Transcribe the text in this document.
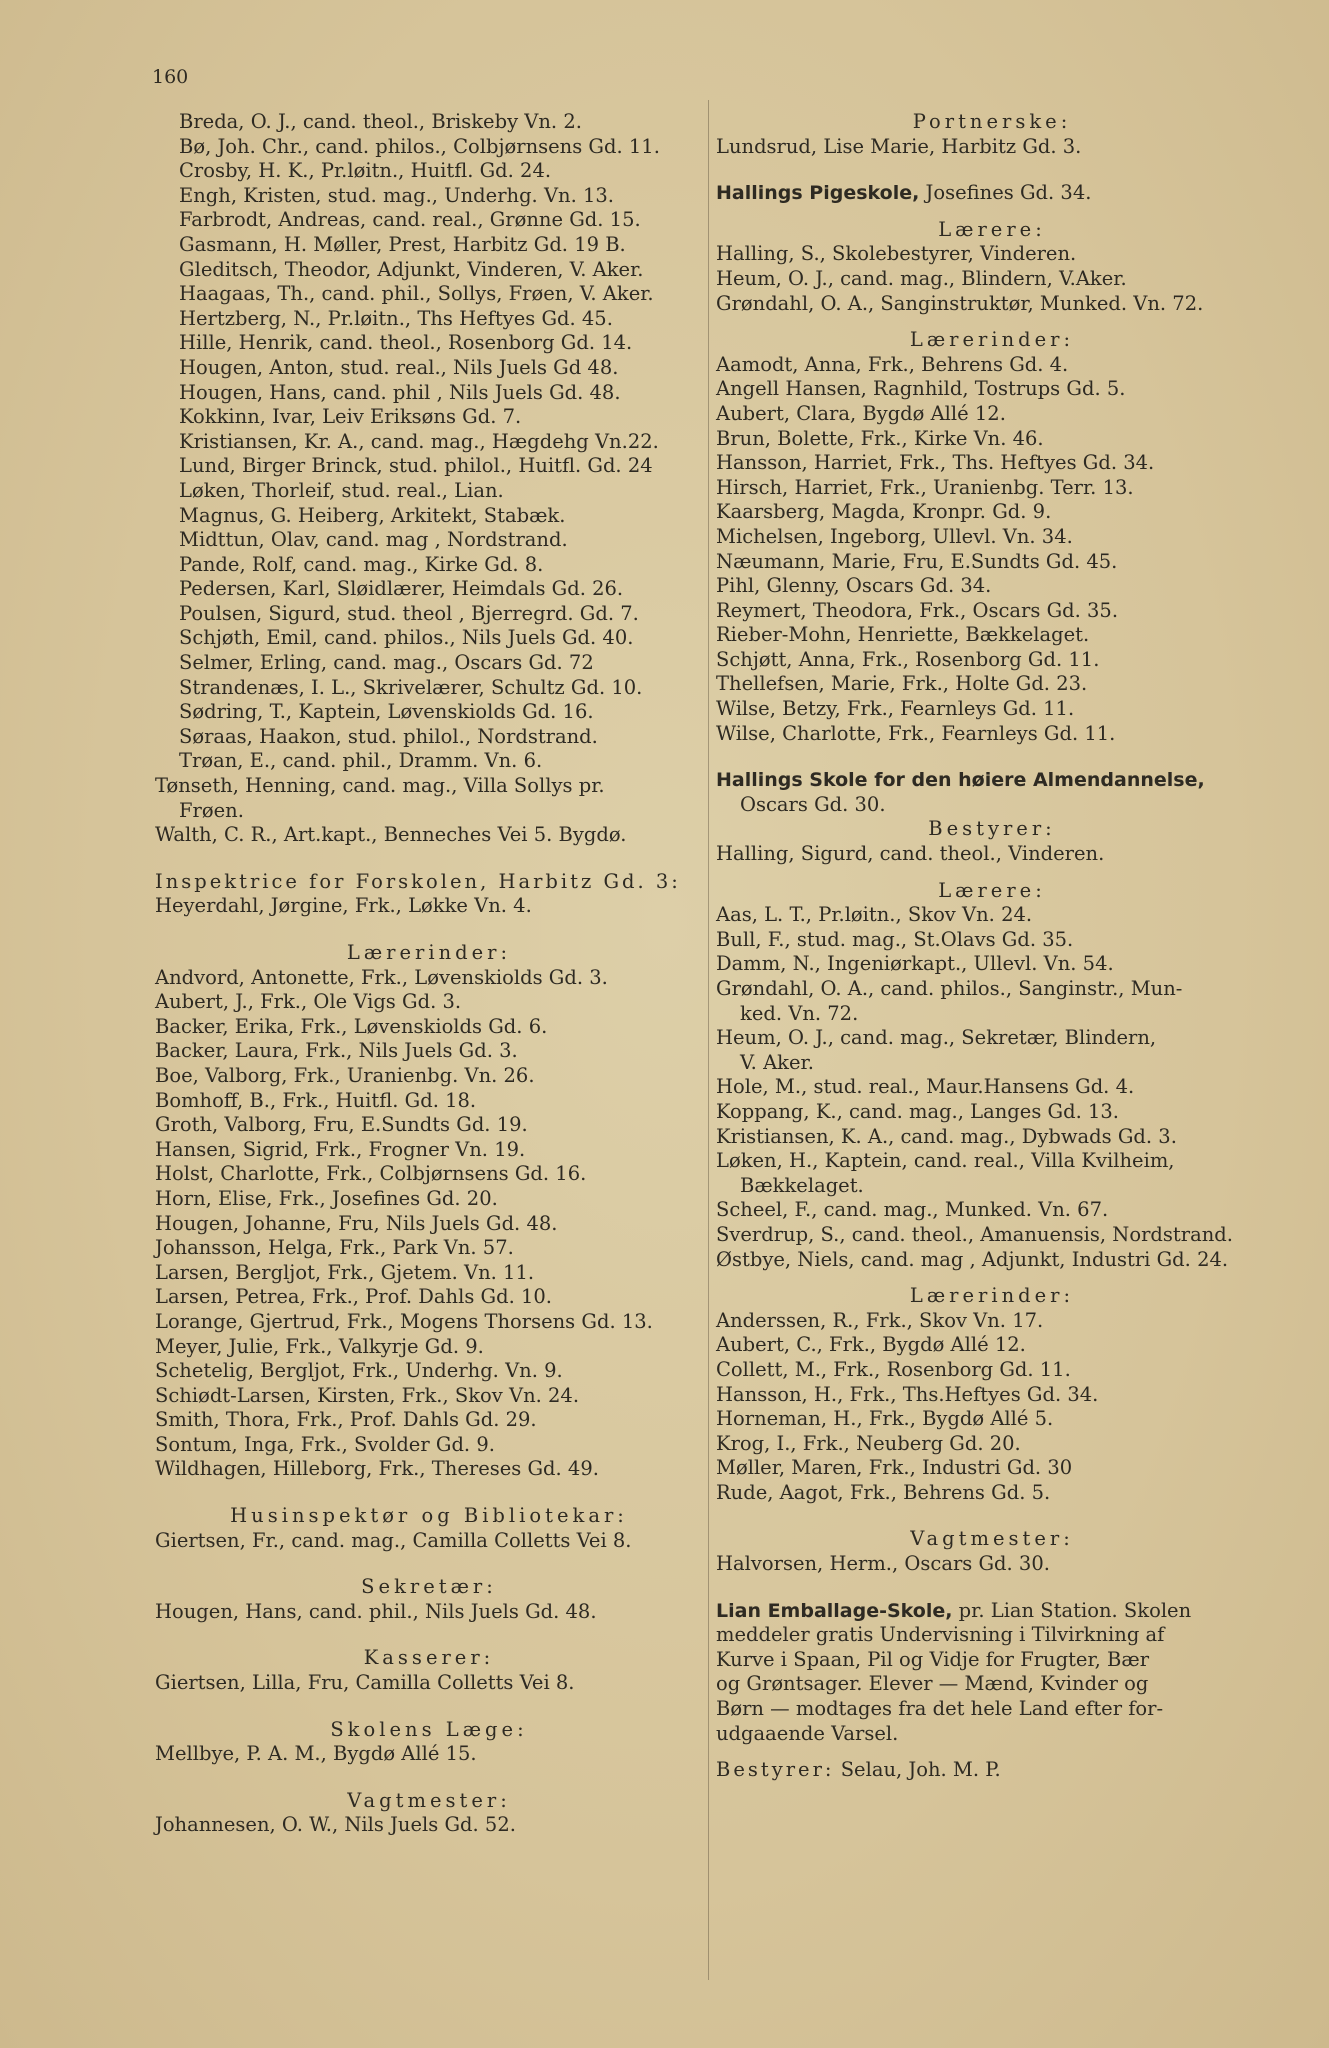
160
Breda, O. J., cand. theol., Briskeby Vn. 2.
Bø, Joh. Chr., cand. philos., Colbjørnsens Gd. 11.
Crosby, H. K., Pr.løitn., Huitfl. Gd. 24.
Engh, Kristen, stud. mag., Underhg. Vn. 13.
Farbrodt, Andreas, cand. real., Grønne Gd. 15.
Gasmann, H. Møller, Prest, Harbitz Gd. 19 B.
Gleditsch, Theodor, Adjunkt, Vinderen, V. Aker.
Haagaas, Th., cand. phil., Sollys, Frøen, V. Aker.
Hertzberg, N., Pr.løitn., Ths Heftyes Gd. 45.
Hille, Henrik, cand. theol., Rosenborg Gd. 14.
Hougen, Anton, stud. real., Nils Juels Gd 48.
Hougen, Hans, cand. phil , Nils Juels Gd. 48.
Kokkinn, Ivar, Leiv Eriksøns Gd. 7.
Kristiansen, Kr. A., cand. mag., Hægdehg Vn.22.
Lund, Birger Brinck, stud. philol., Huitfl. Gd. 24
Løken, Thorleif, stud. real., Lian.
Magnus, G. Heiberg, Arkitekt, Stabæk.
Midttun, Olav, cand. mag , Nordstrand.
Pande, Rolf, cand. mag., Kirke Gd. 8.
Pedersen, Karl, Sløidlærer, Heimdals Gd. 26.
Poulsen, Sigurd, stud. theol , Bjerregrd. Gd. 7.
Schjøth, Emil, cand. philos., Nils Juels Gd. 40.
Selmer, Erling, cand. mag., Oscars Gd. 72
Strandenæs, I. L., Skrivelærer, Schultz Gd. 10.
Sødring, T., Kaptein, Løvenskiolds Gd. 16.
Søraas, Haakon, stud. philol., Nordstrand.
Trøan, E., cand. phil., Dramm. Vn. 6.
Tønseth, Henning, cand. mag., Villa Sollys pr.
Frøen.
Walth, C. R., Art.kapt., Benneches Vei 5. Bygdø.
Inspektrice for Forskolen, Harbitz Gd. 3:
Heyerdahl, Jørgine, Frk., Løkke Vn. 4.
Lærerinder:
Andvord, Antonette, Frk., Løvenskiolds Gd. 3.
Aubert, J., Frk., Ole Vigs Gd. 3.
Backer, Erika, Frk., Løvenskiolds Gd. 6.
Backer, Laura, Frk., Nils Juels Gd. 3.
Boe, Valborg, Frk., Uranienbg. Vn. 26.
Bomhoff, B., Frk., Huitfl. Gd. 18.
Groth, Valborg, Fru, E.Sundts Gd. 19.
Hansen, Sigrid, Frk., Frogner Vn. 19.
Holst, Charlotte, Frk., Colbjørnsens Gd. 16.
Horn, Elise, Frk., Josefines Gd. 20.
Hougen, Johanne, Fru, Nils Juels Gd. 48.
Johansson, Helga, Frk., Park Vn. 57.
Larsen, Bergljot, Frk., Gjetem. Vn. 11.
Larsen, Petrea, Frk., Prof. Dahls Gd. 10.
Lorange, Gjertrud, Frk., Mogens Thorsens Gd. 13.
Meyer, Julie, Frk., Valkyrje Gd. 9.
Schetelig, Bergljot, Frk., Underhg. Vn. 9.
Schiødt-Larsen, Kirsten, Frk., Skov Vn. 24.
Smith, Thora, Frk., Prof. Dahls Gd. 29.
Sontum, Inga, Frk., Svolder Gd. 9.
Wildhagen, Hilleborg, Frk., Thereses Gd. 49.
Husinspektør og Bibliotekar:
Giertsen, Fr., cand. mag., Camilla Colletts Vei 8.
Sekretær:
Hougen, Hans, cand. phil., Nils Juels Gd. 48.
Kasserer:
Giertsen, Lilla, Fru, Camilla Colletts Vei 8.
Skolens Læge:
Mellbye, P. A. M., Bygdø Allé 15.
Vagtmester:
Johannesen, O. W., Nils Juels Gd. 52.
Portnerske:
Lundsrud, Lise Marie, Harbitz Gd. 3.
Hallings Pigeskole, Josefines Gd. 34.
Lærere:
Halling, S., Skolebestyrer, Vinderen.
Heum, O. J., cand. mag., Blindern, V.Aker.
Grøndahl, O. A., Sanginstruktør, Munked. Vn. 72.
Lærerinder:
Aamodt, Anna, Frk., Behrens Gd. 4.
Angell Hansen, Ragnhild, Tostrups Gd. 5.
Aubert, Clara, Bygdø Allé 12.
Brun, Bolette, Frk., Kirke Vn. 46.
Hansson, Harriet, Frk., Ths. Heftyes Gd. 34.
Hirsch, Harriet, Frk., Uranienbg. Terr. 13.
Kaarsberg, Magda, Kronpr. Gd. 9.
Michelsen, Ingeborg, Ullevl. Vn. 34.
Næumann, Marie, Fru, E.Sundts Gd. 45.
Pihl, Glenny, Oscars Gd. 34.
Reymert, Theodora, Frk., Oscars Gd. 35.
Rieber-Mohn, Henriette, Bækkelaget.
Schjøtt, Anna, Frk., Rosenborg Gd. 11.
Thellefsen, Marie, Frk., Holte Gd. 23.
Wilse, Betzy, Frk., Fearnleys Gd. 11.
Wilse, Charlotte, Frk., Fearnleys Gd. 11.
Hallings Skole for den høiere Almendannelse,
Oscars Gd. 30.
Bestyrer:
Halling, Sigurd, cand. theol., Vinderen.
Lærere:
Aas, L. T., Pr.løitn., Skov Vn. 24.
Bull, F., stud. mag., St.Olavs Gd. 35.
Damm, N., Ingeniørkapt., Ullevl. Vn. 54.
Grøndahl, O. A., cand. philos., Sanginstr., Mun-
ked. Vn. 72.
Heum, O. J., cand. mag., Sekretær, Blindern,
V. Aker.
Hole, M., stud. real., Maur.Hansens Gd. 4.
Koppang, K., cand. mag., Langes Gd. 13.
Kristiansen, K. A., cand. mag., Dybwads Gd. 3.
Løken, H., Kaptein, cand. real., Villa Kvilheim,
Bækkelaget.
Scheel, F., cand. mag., Munked. Vn. 67.
Sverdrup, S., cand. theol., Amanuensis, Nordstrand.
Østbye, Niels, cand. mag , Adjunkt, Industri Gd. 24.
Lærerinder:
Anderssen, R., Frk., Skov Vn. 17.
Aubert, C., Frk., Bygdø Allé 12.
Collett, M., Frk., Rosenborg Gd. 11.
Hansson, H., Frk., Ths.Heftyes Gd. 34.
Horneman, H., Frk., Bygdø Allé 5.
Krog, I., Frk., Neuberg Gd. 20.
Møller, Maren, Frk., Industri Gd. 30
Rude, Aagot, Frk., Behrens Gd. 5.
Vagtmester:
Halvorsen, Herm., Oscars Gd. 30.
Lian Emballage-Skole, pr. Lian Station. Skolen
meddeler gratis Undervisning i Tilvirkning af
Kurve i Spaan, Pil og Vidje for Frugter, Bær
og Grøntsager. Elever — Mænd, Kvinder og
Børn — modtages fra det hele Land efter for-
udgaaende Varsel.
Bestyrer: Selau, Joh. M. P.
